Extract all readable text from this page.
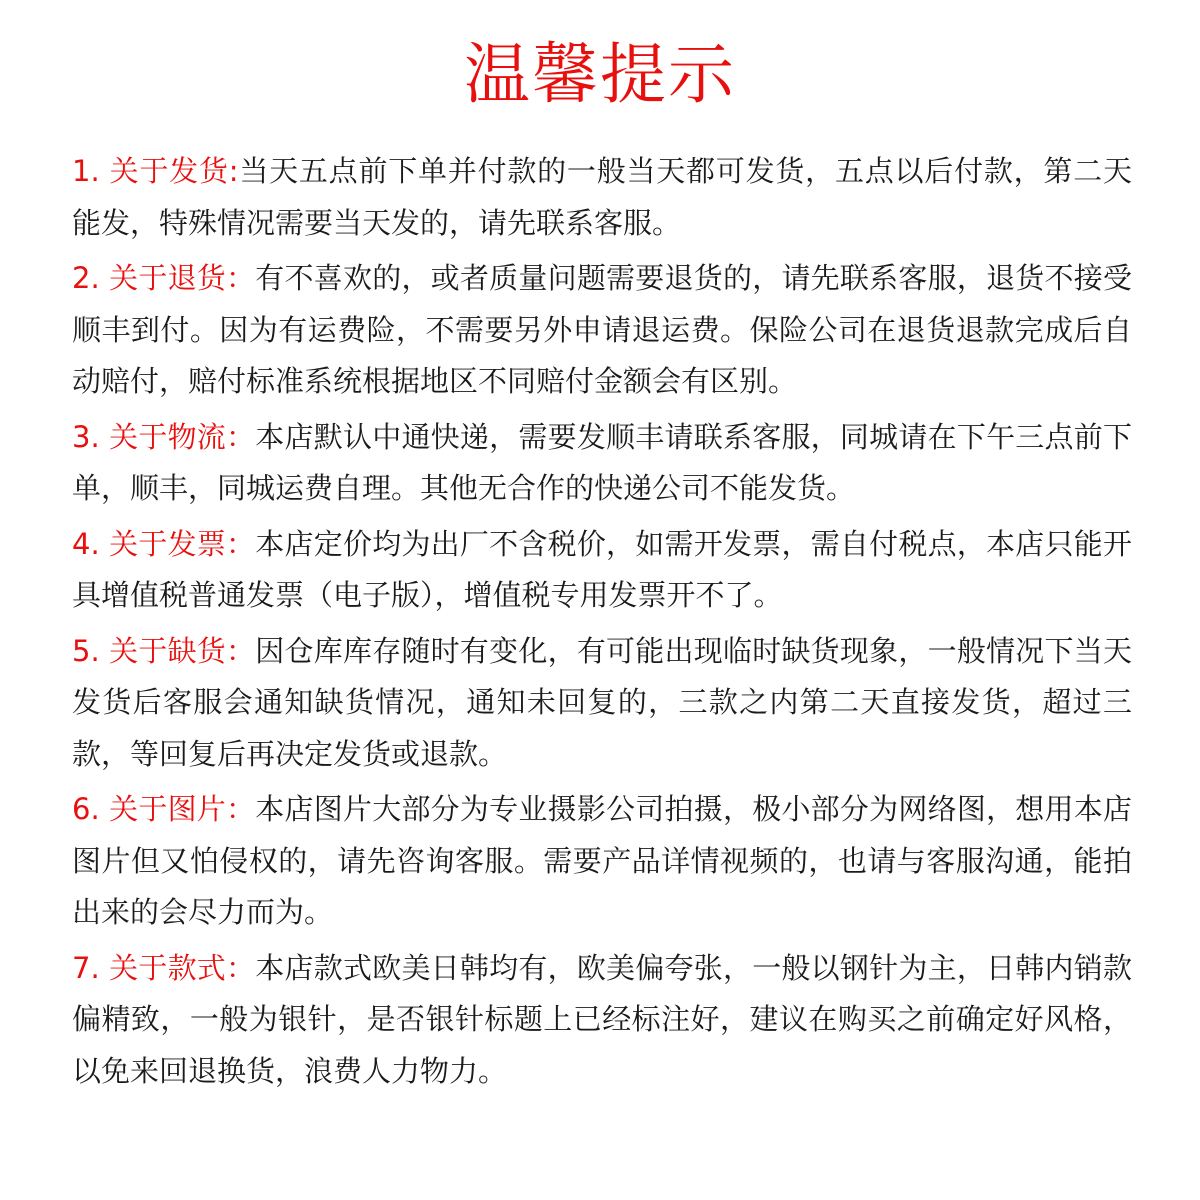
温馨提示

1. 关于发货:当天五点前下单并付款的一般当天都可发货，五点以后付款，第二天能发，特殊情况需要当天发的，请先联系客服。

2. 关于退货：有不喜欢的，或者质量问题需要退货的，请先联系客服，退货不接受顺丰到付。因为有运费险，不需要另外申请退运费。保险公司在退货退款完成后自动赔付，赔付标准系统根据地区不同赔付金额会有区别。

3. 关于物流：本店默认中通快递，需要发顺丰请联系客服，同城请在下午三点前下单，顺丰，同城运费自理。其他无合作的快递公司不能发货。

4. 关于发票：本店定价均为出厂不含税价，如需开发票，需自付税点，本店只能开具增值税普通发票（电子版），增值税专用发票开不了。

5. 关于缺货：因仓库库存随时有变化，有可能出现临时缺货现象，一般情况下当天发货后客服会通知缺货情况，通知未回复的，三款之内第二天直接发货，超过三款，等回复后再决定发货或退款。

6. 关于图片：本店图片大部分为专业摄影公司拍摄，极小部分为网络图，想用本店图片但又怕侵权的，请先咨询客服。需要产品详情视频的，也请与客服沟通，能拍出来的会尽力而为。

7. 关于款式：本店款式欧美日韩均有，欧美偏夸张，一般以钢针为主，日韩内销款偏精致，一般为银针，是否银针标题上已经标注好，建议在购买之前确定好风格，以免来回退换货，浪费人力物力。
